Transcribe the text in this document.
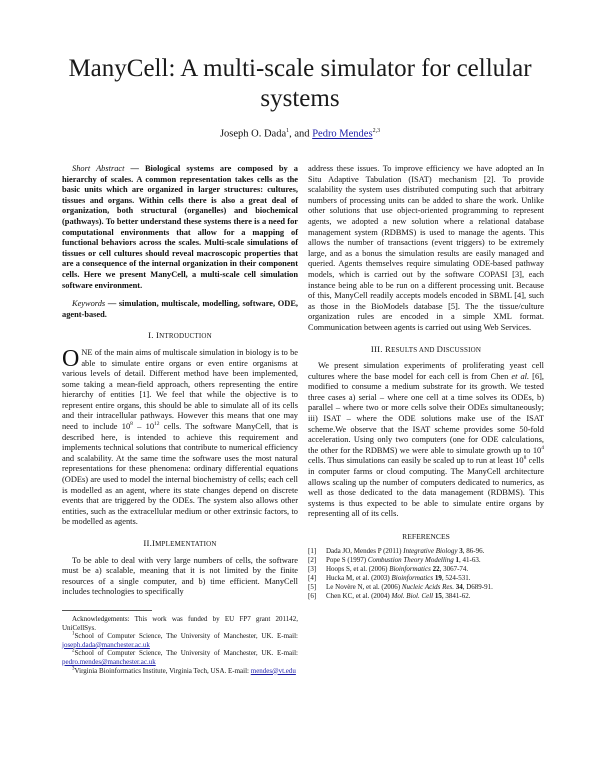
ManyCell: A multi-scale simulator for cellular systems
Joseph O. Dada$^1$, and Pedro Mendes$^{2,3}$

Short Abstract — Biological systems are composed by a hierarchy of scales. A common representation takes cells as the basic units which are organized in larger structures: cultures, tissues and organs. Within cells there is also a great deal of organization, both structural (organelles) and biochemical (pathways). To better understand these systems there is a need for computational environments that allow for a mapping of functional behaviors across the scales. Multi-scale simulations of tissues or cell cultures should reveal macroscopic properties that are a consequence of the internal organization in their component cells. Here we present ManyCell, a multi-scale cell simulation software environment.

Keywords — simulation, multiscale, modelling, software, ODE, agent-based.

I. INTRODUCTION

ONE of the main aims of multiscale simulation in biology is to be able to simulate entire organs or even entire organisms at various levels of detail. Different method have been implemented, some taking a mean-field approach, others representing the entire hierarchy of entities [1]. We feel that while the objective is to represent entire organs, this should be able to simulate all of its cells and their intracellular pathways. However this means that one may need to include $10^8 - 10^{12}$ cells. The software ManyCell, that is described here, is intended to achieve this requirement and implements technical solutions that contribute to numerical efficiency and scalability. At the same time the software uses the most natural representations for these phenomena: ordinary differential equations (ODEs) are used to model the internal biochemistry of cells; each cell is modelled as an agent, where its state changes depend on discrete events that are triggered by the ODEs. The system also allows other entities, such as the extracellular medium or other extrinsic factors, to be modelled as agents.

II.IMPLEMENTATION

To be able to deal with very large numbers of cells, the software must be a) scalable, meaning that it is not limited by the finite resources of a single computer, and b) time efficient. ManyCell includes technologies to specifically

Acknowledgements: This work was funded by EU FP7 grant 201142, UniCellSys.

$^1$School of Computer Science, The University of Manchester, UK. E-mail: joseph.dada@manchester.ac.uk

$^2$School of Computer Science, The University of Manchester, UK. E-mail: pedro.mendes@manchester.ac.uk

$^3$Virginia Bioinformatics Institute, Virginia Tech, USA. E-mail: mendes@vt.edu

address these issues. To improve efficiency we have adopted an In Situ Adaptive Tabulation (ISAT) mechanism [2]. To provide scalability the system uses distributed computing such that arbitrary numbers of processing units can be added to share the work. Unlike other solutions that use object-oriented programming to represent agents, we adopted a new solution where a relational database management system (RDBMS) is used to manage the agents. This allows the number of transactions (event triggers) to be extremely large, and as a bonus the simulation results are easily managed and queried. Agents themselves require simulating ODE-based pathway models, which is carried out by the software COPASI [3], each instance being able to be run on a different processing unit. Because of this, ManyCell readily accepts models encoded in SBML [4], such as those in the BioModels database [5]. The the tissue/culture organization rules are encoded in a simple XML format. Communication between agents is carried out using Web Services.

III. RESULTS AND DISCUSSION

We present simulation experiments of proliferating yeast cell cultures where the base model for each cell is from Chen et al. [6], modified to consume a medium substrate for its growth. We tested three cases a) serial – where one cell at a time solves its ODEs, b) parallel – where two or more cells solve their ODEs simultaneously; iii) ISAT – where the ODE solutions make use of the ISAT scheme.We observe that the ISAT scheme provides some 50-fold acceleration. Using only two computers (one for ODE calculations, the other for the RDBMS) we were able to simulate growth up to $10^4$ cells. Thus simulations can easily be scaled up to run at least $10^8$ cells in computer farms or cloud computing. The ManyCell architecture allows scaling up the number of computers dedicated to numerics, as well as those dedicated to the data management (RDBMS). This systems is thus expected to be able to simulate entire organs by representing all of its cells.

REFERENCES
[1]	Dada JO, Mendes P (2011) Integrative Biology 3, 86-96.
[2]	Pope S (1997) Combustion Theory Modelling 1, 41-63.
[3]	Hoops S, et al. (2006) Bioinformatics 22, 3067-74.
[4]	Hucka M, et al. (2003) Bioinformatics 19, 524-531.
[5]	Le Novère N, et al. (2006) Nucleic Acids Res. 34, D689-91.
[6]	Chen KC, et al. (2004) Mol. Biol. Cell 15, 3841-62.
